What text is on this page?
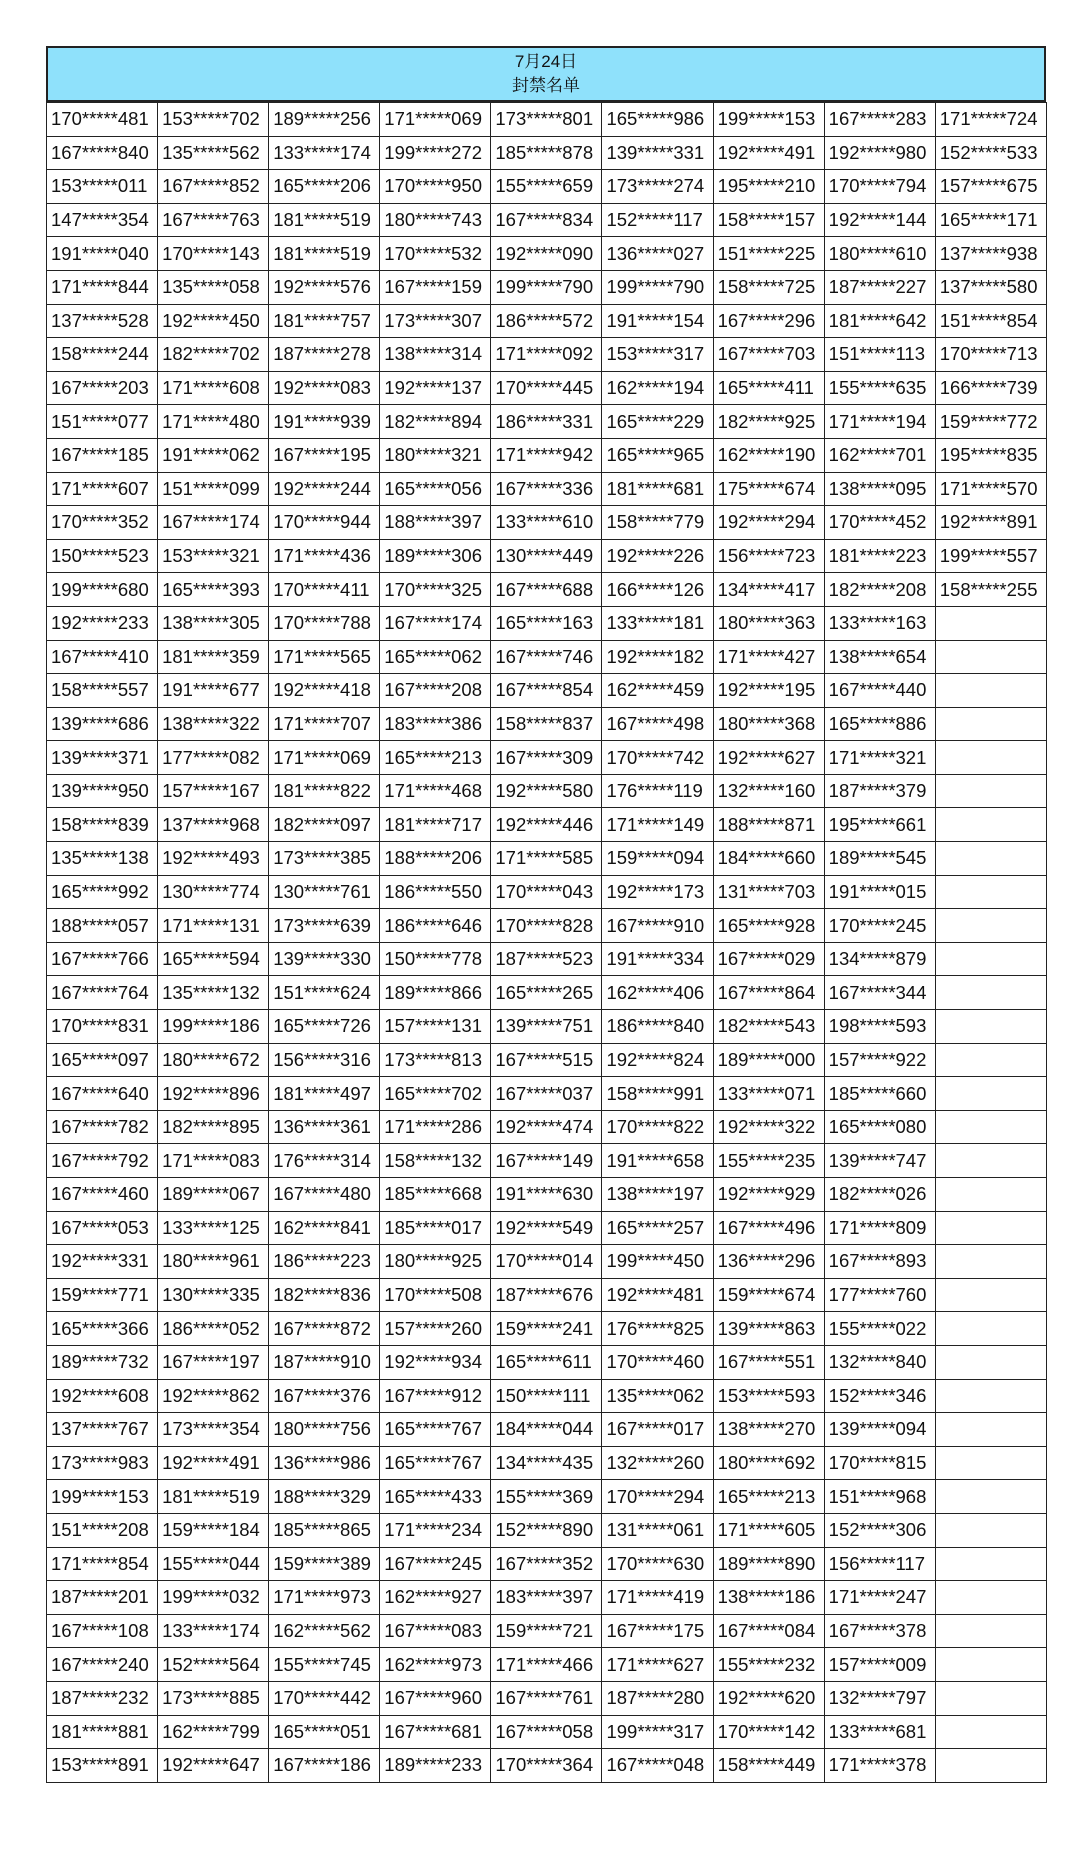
7月24日
封禁名单
170*****481	153*****702	189*****256	171*****069	173*****801	165*****986	199*****153	167*****283	171*****724
167*****840	135*****562	133*****174	199*****272	185*****878	139*****331	192*****491	192*****980	152*****533
153*****011	167*****852	165*****206	170*****950	155*****659	173*****274	195*****210	170*****794	157*****675
147*****354	167*****763	181*****519	180*****743	167*****834	152*****117	158*****157	192*****144	165*****171
191*****040	170*****143	181*****519	170*****532	192*****090	136*****027	151*****225	180*****610	137*****938
171*****844	135*****058	192*****576	167*****159	199*****790	199*****790	158*****725	187*****227	137*****580
137*****528	192*****450	181*****757	173*****307	186*****572	191*****154	167*****296	181*****642	151*****854
158*****244	182*****702	187*****278	138*****314	171*****092	153*****317	167*****703	151*****113	170*****713
167*****203	171*****608	192*****083	192*****137	170*****445	162*****194	165*****411	155*****635	166*****739
151*****077	171*****480	191*****939	182*****894	186*****331	165*****229	182*****925	171*****194	159*****772
167*****185	191*****062	167*****195	180*****321	171*****942	165*****965	162*****190	162*****701	195*****835
171*****607	151*****099	192*****244	165*****056	167*****336	181*****681	175*****674	138*****095	171*****570
170*****352	167*****174	170*****944	188*****397	133*****610	158*****779	192*****294	170*****452	192*****891
150*****523	153*****321	171*****436	189*****306	130*****449	192*****226	156*****723	181*****223	199*****557
199*****680	165*****393	170*****411	170*****325	167*****688	166*****126	134*****417	182*****208	158*****255
192*****233	138*****305	170*****788	167*****174	165*****163	133*****181	180*****363	133*****163	
167*****410	181*****359	171*****565	165*****062	167*****746	192*****182	171*****427	138*****654	
158*****557	191*****677	192*****418	167*****208	167*****854	162*****459	192*****195	167*****440	
139*****686	138*****322	171*****707	183*****386	158*****837	167*****498	180*****368	165*****886	
139*****371	177*****082	171*****069	165*****213	167*****309	170*****742	192*****627	171*****321	
139*****950	157*****167	181*****822	171*****468	192*****580	176*****119	132*****160	187*****379	
158*****839	137*****968	182*****097	181*****717	192*****446	171*****149	188*****871	195*****661	
135*****138	192*****493	173*****385	188*****206	171*****585	159*****094	184*****660	189*****545	
165*****992	130*****774	130*****761	186*****550	170*****043	192*****173	131*****703	191*****015	
188*****057	171*****131	173*****639	186*****646	170*****828	167*****910	165*****928	170*****245	
167*****766	165*****594	139*****330	150*****778	187*****523	191*****334	167*****029	134*****879	
167*****764	135*****132	151*****624	189*****866	165*****265	162*****406	167*****864	167*****344	
170*****831	199*****186	165*****726	157*****131	139*****751	186*****840	182*****543	198*****593	
165*****097	180*****672	156*****316	173*****813	167*****515	192*****824	189*****000	157*****922	
167*****640	192*****896	181*****497	165*****702	167*****037	158*****991	133*****071	185*****660	
167*****782	182*****895	136*****361	171*****286	192*****474	170*****822	192*****322	165*****080	
167*****792	171*****083	176*****314	158*****132	167*****149	191*****658	155*****235	139*****747	
167*****460	189*****067	167*****480	185*****668	191*****630	138*****197	192*****929	182*****026	
167*****053	133*****125	162*****841	185*****017	192*****549	165*****257	167*****496	171*****809	
192*****331	180*****961	186*****223	180*****925	170*****014	199*****450	136*****296	167*****893	
159*****771	130*****335	182*****836	170*****508	187*****676	192*****481	159*****674	177*****760	
165*****366	186*****052	167*****872	157*****260	159*****241	176*****825	139*****863	155*****022	
189*****732	167*****197	187*****910	192*****934	165*****611	170*****460	167*****551	132*****840	
192*****608	192*****862	167*****376	167*****912	150*****111	135*****062	153*****593	152*****346	
137*****767	173*****354	180*****756	165*****767	184*****044	167*****017	138*****270	139*****094	
173*****983	192*****491	136*****986	165*****767	134*****435	132*****260	180*****692	170*****815	
199*****153	181*****519	188*****329	165*****433	155*****369	170*****294	165*****213	151*****968	
151*****208	159*****184	185*****865	171*****234	152*****890	131*****061	171*****605	152*****306	
171*****854	155*****044	159*****389	167*****245	167*****352	170*****630	189*****890	156*****117	
187*****201	199*****032	171*****973	162*****927	183*****397	171*****419	138*****186	171*****247	
167*****108	133*****174	162*****562	167*****083	159*****721	167*****175	167*****084	167*****378	
167*****240	152*****564	155*****745	162*****973	171*****466	171*****627	155*****232	157*****009	
187*****232	173*****885	170*****442	167*****960	167*****761	187*****280	192*****620	132*****797	
181*****881	162*****799	165*****051	167*****681	167*****058	199*****317	170*****142	133*****681	
153*****891	192*****647	167*****186	189*****233	170*****364	167*****048	158*****449	171*****378	
